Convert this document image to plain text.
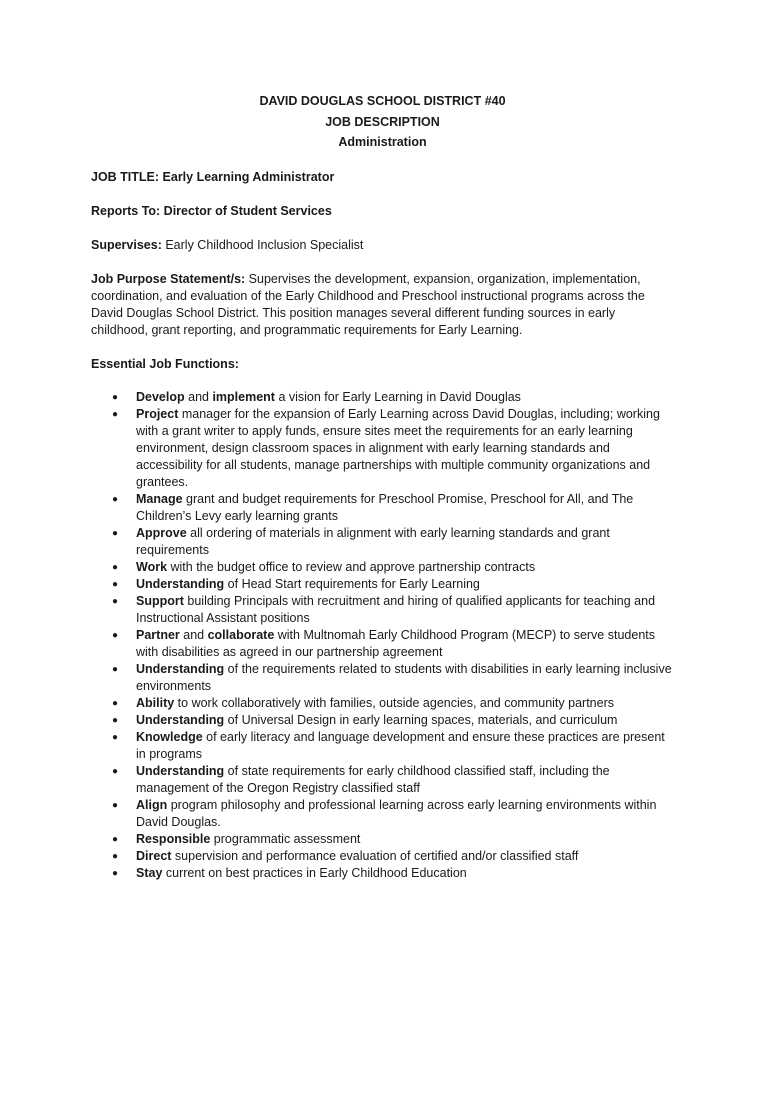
DAVID DOUGLAS SCHOOL DISTRICT #40
JOB DESCRIPTION
Administration
JOB TITLE: Early Learning Administrator
Reports To: Director of Student Services
Supervises: Early Childhood Inclusion Specialist
Job Purpose Statement/s: Supervises the development, expansion, organization, implementation, coordination, and evaluation of the Early Childhood and Preschool instructional programs across the David Douglas School District. This position manages several different funding sources in early childhood, grant reporting, and programmatic requirements for Early Learning.
Essential Job Functions:
● Develop and implement a vision for Early Learning in David Douglas
● Project manager for the expansion of Early Learning across David Douglas, including; working with a grant writer to apply funds, ensure sites meet the requirements for an early learning environment, design classroom spaces in alignment with early learning standards and accessibility for all students, manage partnerships with multiple community organizations and grantees.
● Manage grant and budget requirements for Preschool Promise, Preschool for All, and The Children’s Levy early learning grants
● Approve all ordering of materials in alignment with early learning standards and grant requirements
● Work with the budget office to review and approve partnership contracts
● Understanding of Head Start requirements for Early Learning
● Support building Principals with recruitment and hiring of qualified applicants for teaching and Instructional Assistant positions
● Partner and collaborate with Multnomah Early Childhood Program (MECP) to serve students with disabilities as agreed in our partnership agreement
● Understanding of the requirements related to students with disabilities in early learning inclusive environments
● Ability to work collaboratively with families, outside agencies, and community partners
● Understanding of Universal Design in early learning spaces, materials, and curriculum
● Knowledge of early literacy and language development and ensure these practices are present in programs
● Understanding of state requirements for early childhood classified staff, including the management of the Oregon Registry classified staff
● Align program philosophy and professional learning across early learning environments within David Douglas.
● Responsible programmatic assessment
● Direct supervision and performance evaluation of certified and/or classified staff
● Stay current on best practices in Early Childhood Education
